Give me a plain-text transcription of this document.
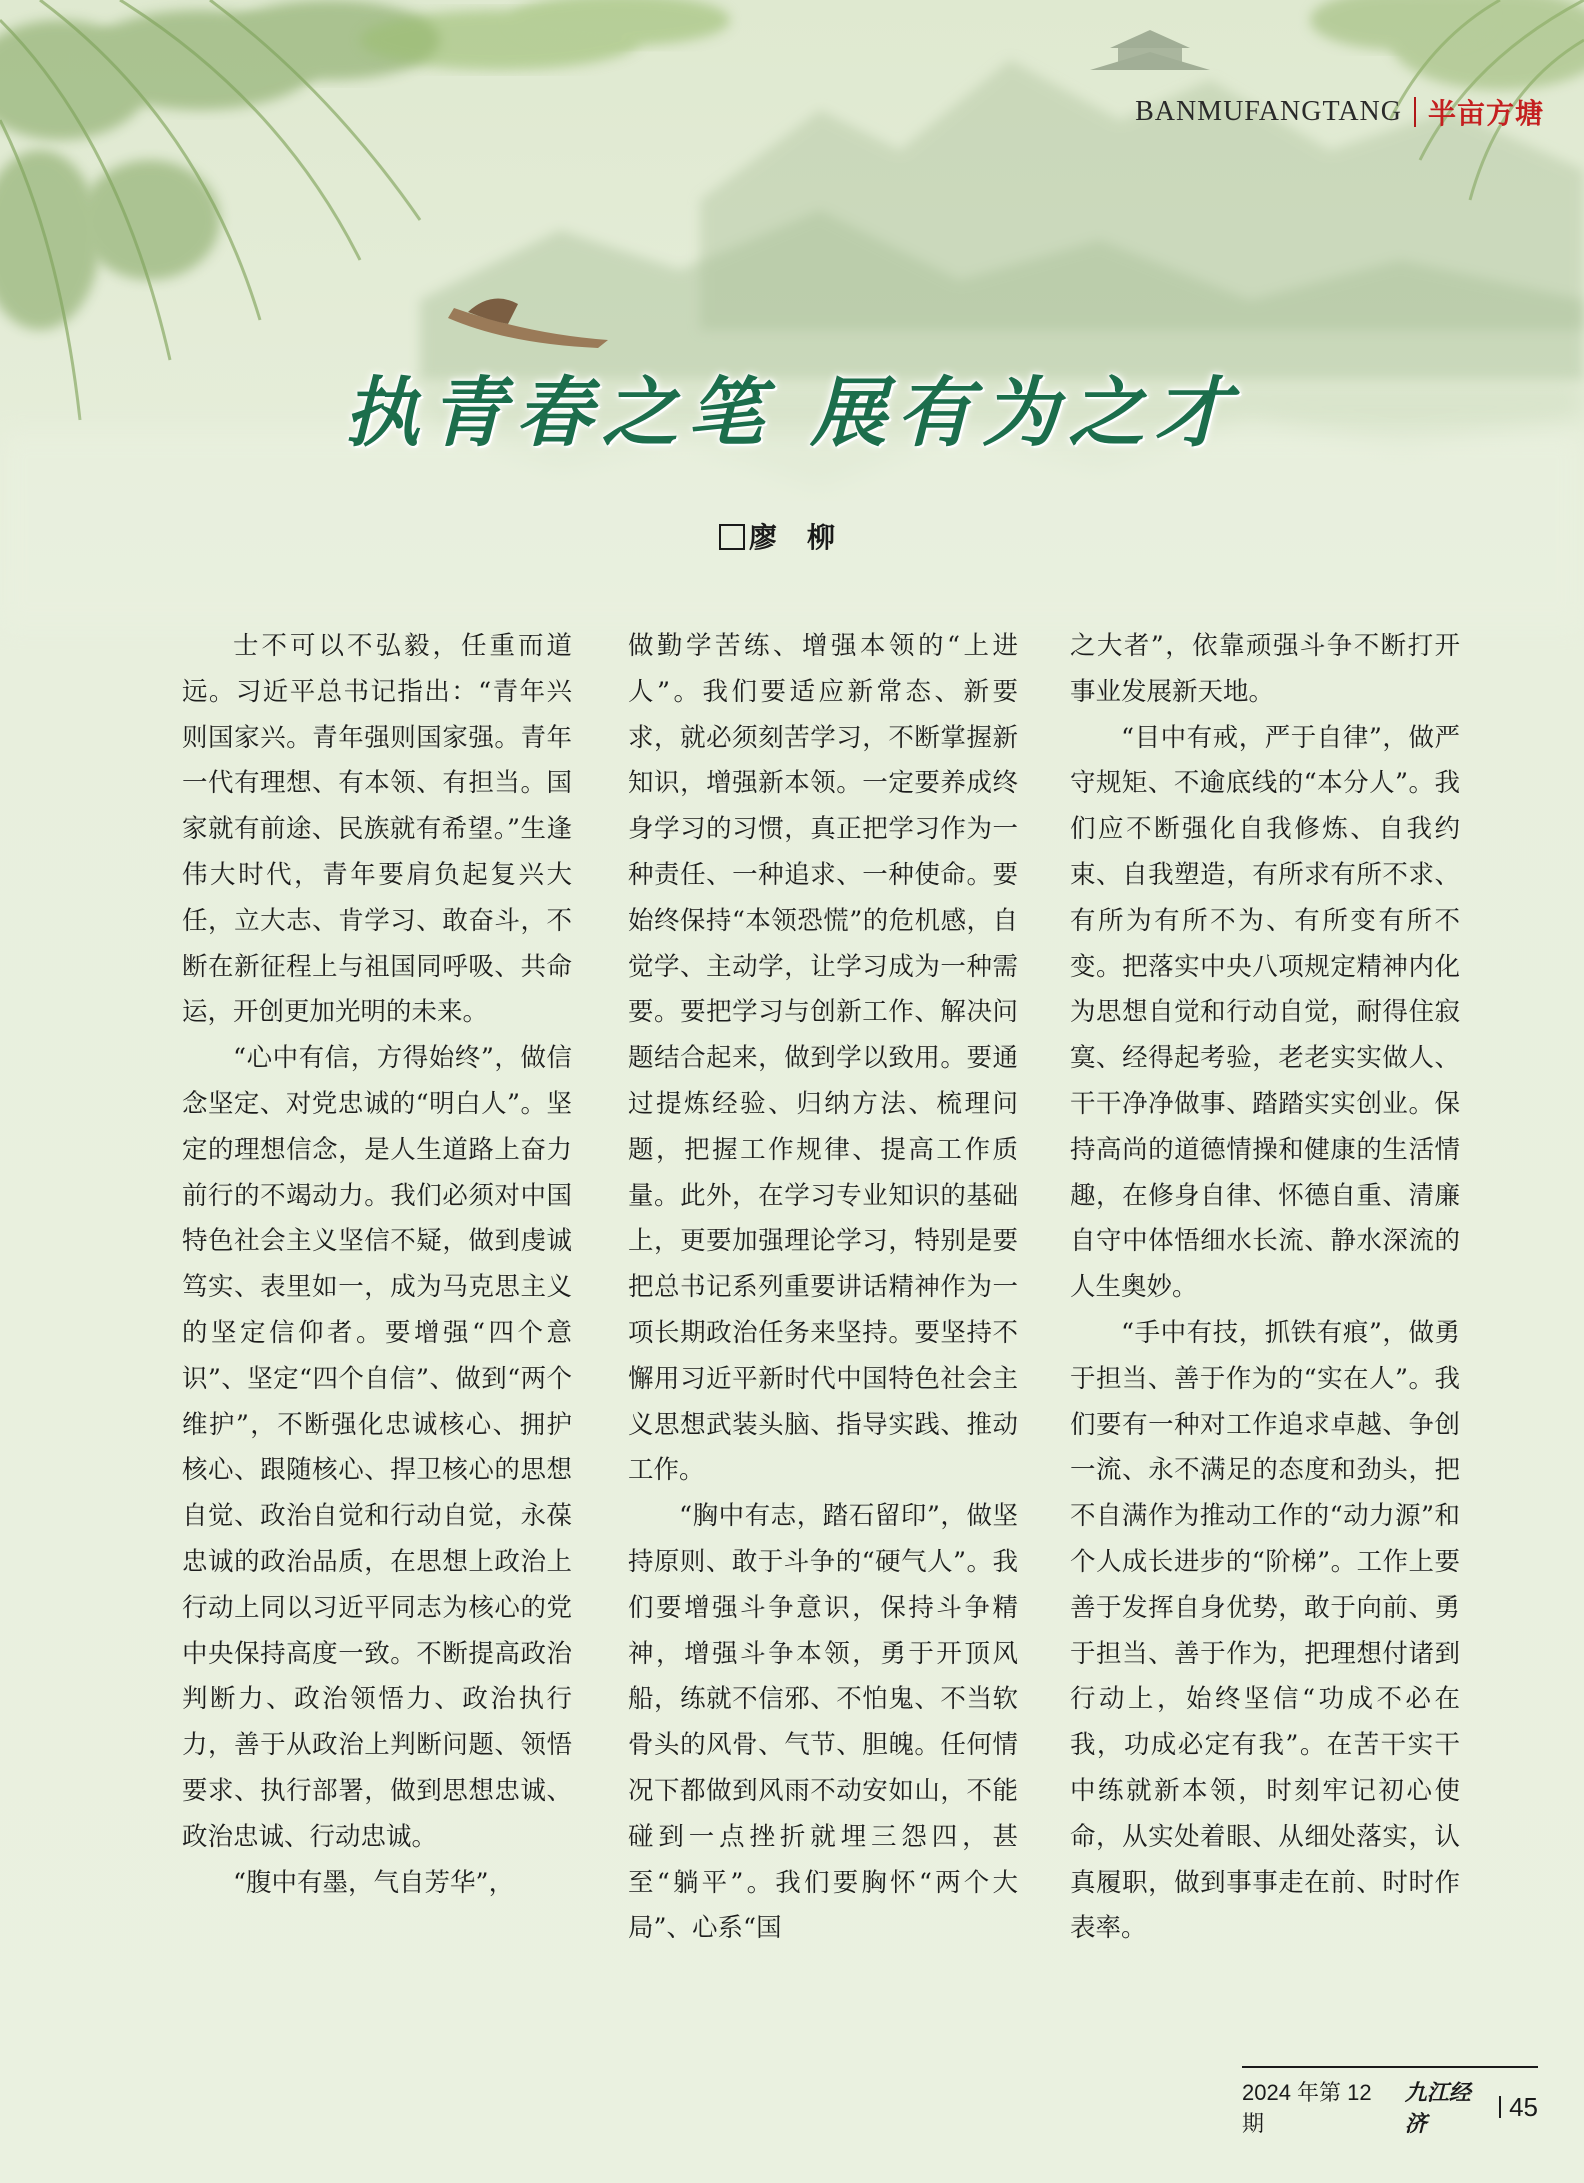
BANMUFANGTANG 半亩方塘
执青春之笔 展有为之才
廖柳

士不可以不弘毅，任重而道远。习近平总书记指出：“青年兴则国家兴。青年强则国家强。青年一代有理想、有本领、有担当。国家就有前途、民族就有希望。”生逢伟大时代，青年要肩负起复兴大任，立大志、肯学习、敢奋斗，不断在新征程上与祖国同呼吸、共命运，开创更加光明的未来。

“心中有信，方得始终”，做信念坚定、对党忠诚的“明白人”。坚定的理想信念，是人生道路上奋力前行的不竭动力。我们必须对中国特色社会主义坚信不疑，做到虔诚笃实、表里如一，成为马克思主义的坚定信仰者。要增强“四个意识”、坚定“四个自信”、做到“两个维护”，不断强化忠诚核心、拥护核心、跟随核心、捍卫核心的思想自觉、政治自觉和行动自觉，永葆忠诚的政治品质，在思想上政治上行动上同以习近平同志为核心的党中央保持高度一致。不断提高政治判断力、政治领悟力、政治执行力，善于从政治上判断问题、领悟要求、执行部署，做到思想忠诚、政治忠诚、行动忠诚。

“腹中有墨，气自芳华”，

做勤学苦练、增强本领的“上进人”。我们要适应新常态、新要求，就必须刻苦学习，不断掌握新知识，增强新本领。一定要养成终身学习的习惯，真正把学习作为一种责任、一种追求、一种使命。要始终保持“本领恐慌”的危机感，自觉学、主动学，让学习成为一种需要。要把学习与创新工作、解决问题结合起来，做到学以致用。要通过提炼经验、归纳方法、梳理问题，把握工作规律、提高工作质量。此外，在学习专业知识的基础上，更要加强理论学习，特别是要把总书记系列重要讲话精神作为一项长期政治任务来坚持。要坚持不懈用习近平新时代中国特色社会主义思想武装头脑、指导实践、推动工作。

“胸中有志，踏石留印”，做坚持原则、敢于斗争的“硬气人”。我们要增强斗争意识，保持斗争精神，增强斗争本领，勇于开顶风船，练就不信邪、不怕鬼、不当软骨头的风骨、气节、胆魄。任何情况下都做到风雨不动安如山，不能碰到一点挫折就埋三怨四，甚至“躺平”。我们要胸怀“两个大局”、心系“国

之大者”，依靠顽强斗争不断打开事业发展新天地。

“目中有戒，严于自律”，做严守规矩、不逾底线的“本分人”。我们应不断强化自我修炼、自我约束、自我塑造，有所求有所不求、有所为有所不为、有所变有所不变。把落实中央八项规定精神内化为思想自觉和行动自觉，耐得住寂寞、经得起考验，老老实实做人、干干净净做事、踏踏实实创业。保持高尚的道德情操和健康的生活情趣，在修身自律、怀德自重、清廉自守中体悟细水长流、静水深流的人生奥妙。

“手中有技，抓铁有痕”，做勇于担当、善于作为的“实在人”。我们要有一种对工作追求卓越、争创一流、永不满足的态度和劲头，把不自满作为推动工作的“动力源”和个人成长进步的“阶梯”。工作上要善于发挥自身优势，敢于向前、勇于担当、善于作为，把理想付诸到行动上，始终坚信“功成不必在我，功成必定有我”。在苦干实干中练就新本领，时刻牢记初心使命，从实处着眼、从细处落实，认真履职，做到事事走在前、时时作表率。

2024 年第 12 期
九江经济
45
